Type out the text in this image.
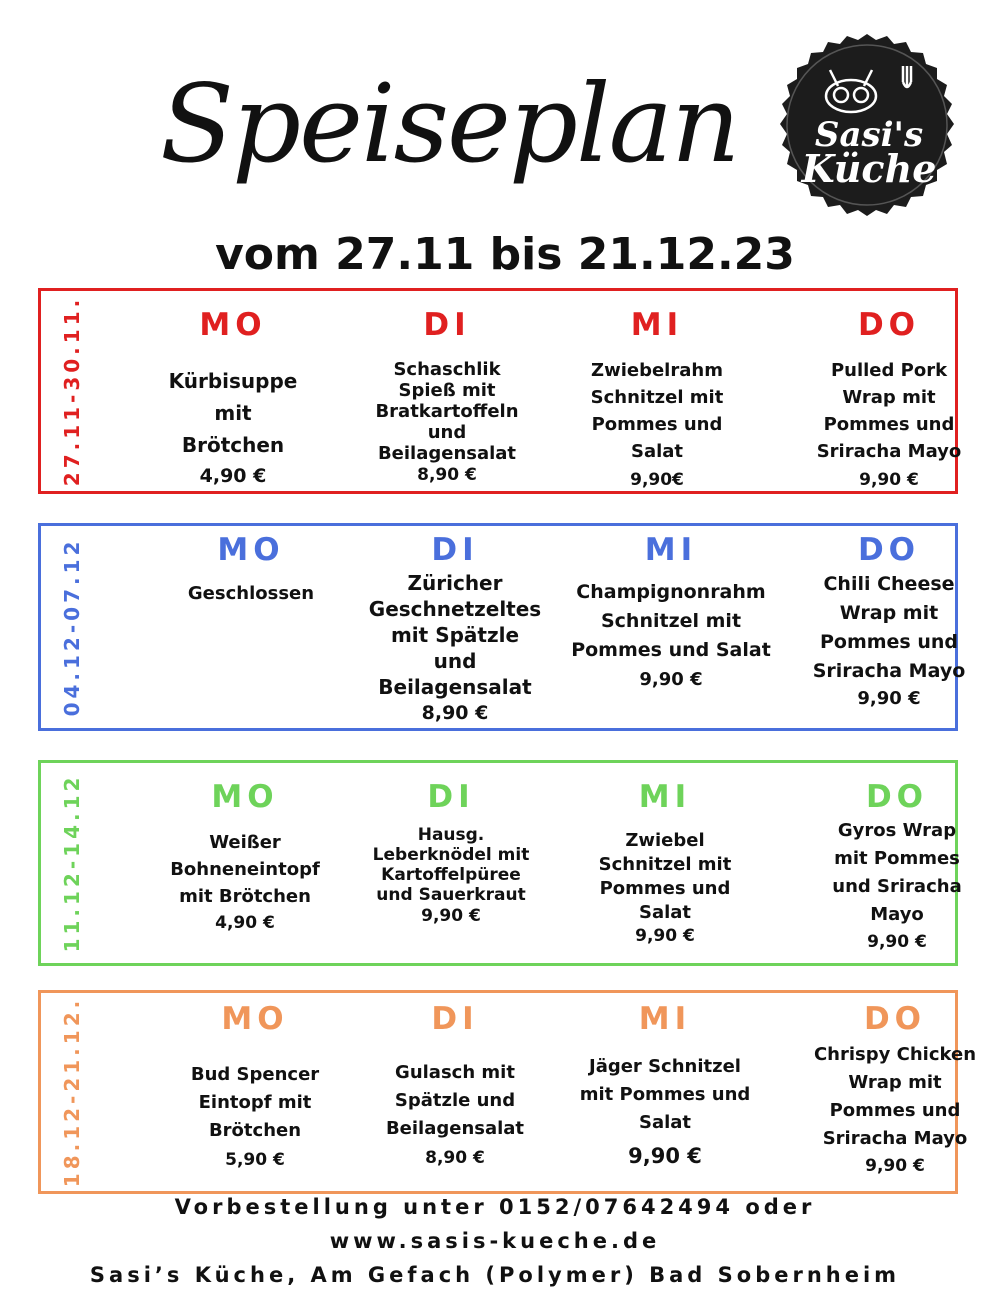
Speiseplan Sasi's
Küche
vom 27.11 bis 21.12.23
27.11-30.11.	MO
Kürbisuppe
mit
Brötchen
4,90 €
DI
Schaschlik
Spieß mit
Bratkartoffeln
und
Beilagensalat
8,90 €
MI
Zwiebelrahm
Schnitzel mit
Pommes und
Salat
9,90€
DO
Pulled Pork
Wrap mit
Pommes und
Sriracha Mayo
9,90 €
04.12-07.12	MO
Geschlossen
DI
Züricher
Geschnetzeltes
mit Spätzle
und
Beilagensalat
8,90 €
MI
Champignonrahm
Schnitzel mit
Pommes und Salat
9,90 €
DO
Chili Cheese
Wrap mit
Pommes und
Sriracha Mayo
9,90 €
11.12-14.12	MO
Weißer
Bohneneintopf
mit Brötchen
4,90 €
DI
Hausg.
Leberknödel mit
Kartoffelpüree
und Sauerkraut
9,90 €
MI
Zwiebel
Schnitzel mit
Pommes und
Salat
9,90 €
DO
Gyros Wrap
mit Pommes
und Sriracha
Mayo
9,90 €
18.12-21.12.	MO
Bud Spencer
Eintopf mit
Brötchen
5,90 €
DI
Gulasch mit
Spätzle und
Beilagensalat
8,90 €
MI
Jäger Schnitzel
mit Pommes und
Salat
9,90 €
DO
Chrispy Chicken
Wrap mit
Pommes und
Sriracha Mayo
9,90 €
Vorbestellung unter 0152/07642494 oder
www.sasis-kueche.de
Sasi’s Küche, Am Gefach (Polymer) Bad Sobernheim
